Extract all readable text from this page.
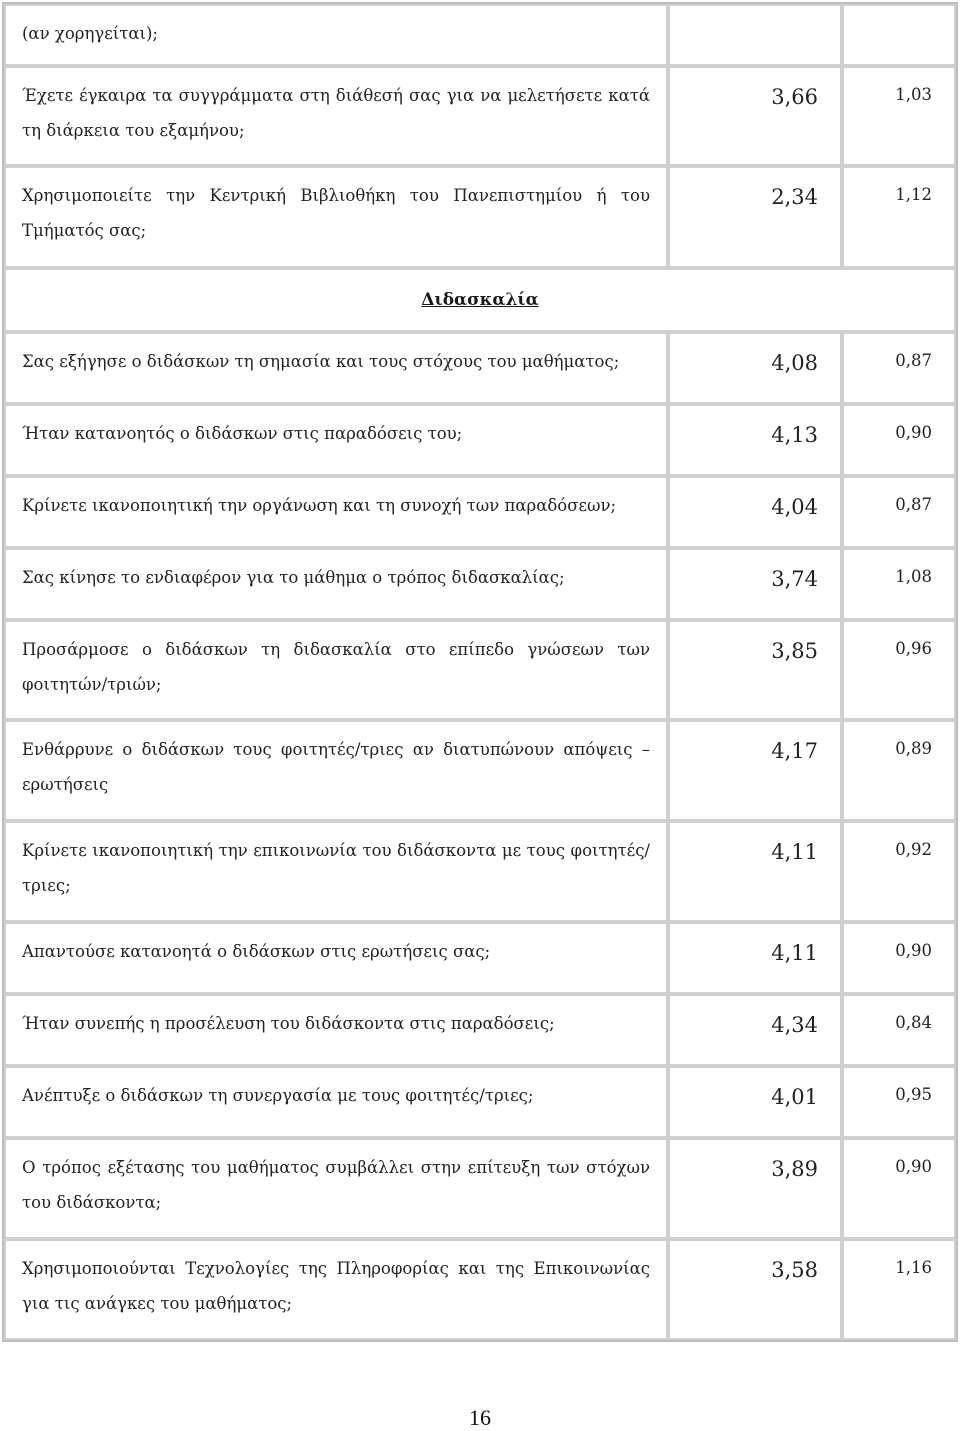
(αν χορηγείται);		
Έχετε έγκαιρα τα συγγράμματα στη διάθεσή σας για να μελετήσετε κατά τη διάρκεια του εξαμήνου;	3,66	1,03
Χρησιμοποιείτε την Κεντρική Βιβλιοθήκη του Πανεπιστημίου ή του Τμήματός σας;	2,34	1,12
Διδασκαλία		
Σας εξήγησε ο διδάσκων τη σημασία και τους στόχους του μαθήματος;	4,08	0,87
Ήταν κατανοητός ο διδάσκων στις παραδόσεις του;	4,13	0,90
Κρίνετε ικανοποιητική την οργάνωση και τη συνοχή των παραδόσεων;	4,04	0,87
Σας κίνησε το ενδιαφέρον για το μάθημα ο τρόπος διδασκαλίας;	3,74	1,08
Προσάρμοσε ο διδάσκων τη διδασκαλία στο επίπεδο γνώσεων των φοιτητών/τριών;	3,85	0,96
Ενθάρρυνε ο διδάσκων τους φοιτητές/τριες αν διατυπώνουν απόψεις – ερωτήσεις	4,17	0,89
Κρίνετε ικανοποιητική την επικοινωνία του διδάσκοντα με τους φοιτητές/τριες;	4,11	0,92
Απαντούσε κατανοητά ο διδάσκων στις ερωτήσεις σας;	4,11	0,90
Ήταν συνεπής η προσέλευση του διδάσκοντα στις παραδόσεις;	4,34	0,84
Ανέπτυξε ο διδάσκων τη συνεργασία με τους φοιτητές/τριες;	4,01	0,95
Ο τρόπος εξέτασης του μαθήματος συμβάλλει στην επίτευξη των στόχων του διδάσκοντα;	3,89	0,90
Χρησιμοποιούνται Τεχνολογίες της Πληροφορίας και της Επικοινωνίας για τις ανάγκες του μαθήματος;	3,58	1,16
16
